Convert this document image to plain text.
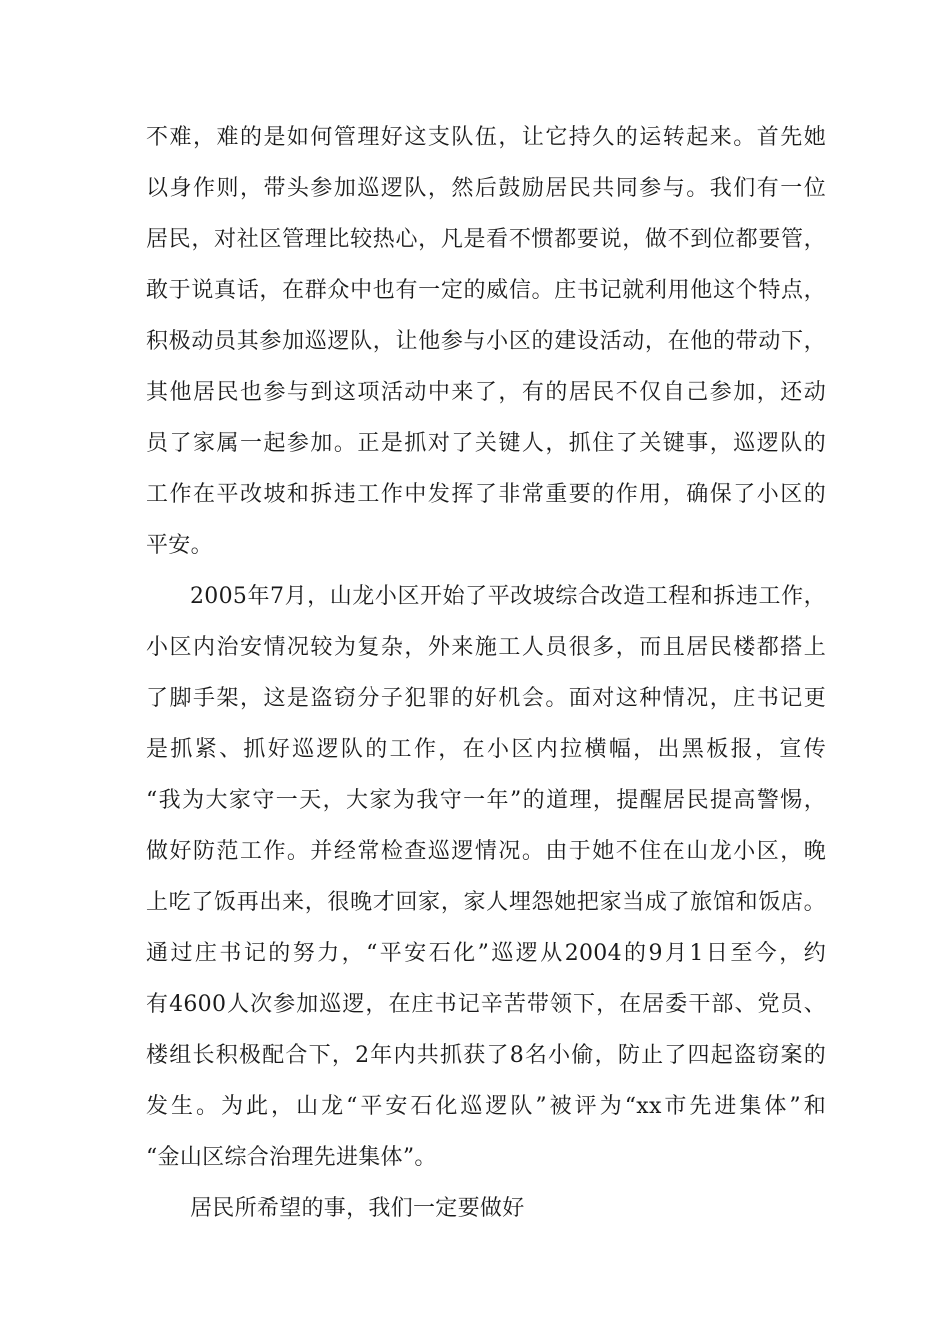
不难，难的是如何管理好这支队伍，让它持久的运转起来。首先她
以身作则，带头参加巡逻队，然后鼓励居民共同参与。我们有一位
居民，对社区管理比较热心，凡是看不惯都要说，做不到位都要管，
敢于说真话，在群众中也有一定的威信。庄书记就利用他这个特点，
积极动员其参加巡逻队，让他参与小区的建设活动，在他的带动下，
其他居民也参与到这项活动中来了，有的居民不仅自己参加，还动
员了家属一起参加。正是抓对了关键人，抓住了关键事，巡逻队的
工作在平改坡和拆违工作中发挥了非常重要的作用，确保了小区的
平安。
2005年7月，山龙小区开始了平改坡综合改造工程和拆违工作，
小区内治安情况较为复杂，外来施工人员很多，而且居民楼都搭上
了脚手架，这是盗窃分子犯罪的好机会。面对这种情况，庄书记更
是抓紧、抓好巡逻队的工作，在小区内拉横幅，出黑板报，宣传
“我为大家守一天，大家为我守一年”的道理，提醒居民提高警惕，
做好防范工作。并经常检查巡逻情况。由于她不住在山龙小区，晚
上吃了饭再出来，很晚才回家，家人埋怨她把家当成了旅馆和饭店。
通过庄书记的努力，“平安石化”巡逻从2004的9月1日至今，约
有4600人次参加巡逻，在庄书记辛苦带领下，在居委干部、党员、
楼组长积极配合下，2年内共抓获了8名小偷，防止了四起盗窃案的
发生。为此，山龙“平安石化巡逻队”被评为“xx市先进集体”和
“金山区综合治理先进集体”。
居民所希望的事，我们一定要做好
